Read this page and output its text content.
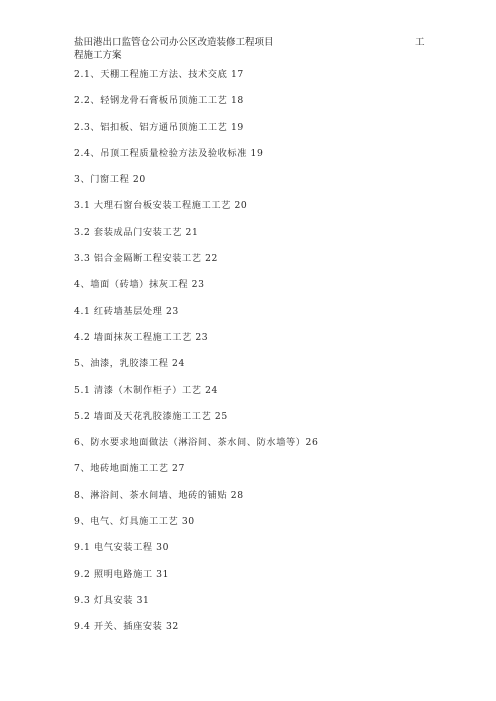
盐田港出口监管仓公司办公区改造装修工程项目
程施工方案
工
2.1、天棚工程施工方法、技术交底 17
2.2、轻钢龙骨石膏板吊顶施工工艺 18
2.3、铝扣板、铝方通吊顶施工工艺 19
2.4、吊顶工程质量检验方法及验收标准 19
3、门窗工程 20
3.1 大理石窗台板安装工程施工工艺 20
3.2 套装成品门安装工艺 21
3.3 铝合金隔断工程安装工艺 22
4、墙面（砖墙）抹灰工程 23
4.1 红砖墙基层处理 23
4.2 墙面抹灰工程施工工艺 23
5、油漆，乳胶漆工程 24
5.1 清漆（木制作柜子）工艺 24
5.2 墙面及天花乳胶漆施工工艺 25
6、防水要求地面做法（淋浴间、茶水间、防水墙等）26
7、地砖地面施工工艺 27
8、淋浴间、茶水间墙、地砖的铺贴 28
9、电气、灯具施工工艺 30
9.1 电气安装工程 30
9.2 照明电路施工 31
9.3 灯具安装 31
9.4 开关、插座安装 32
